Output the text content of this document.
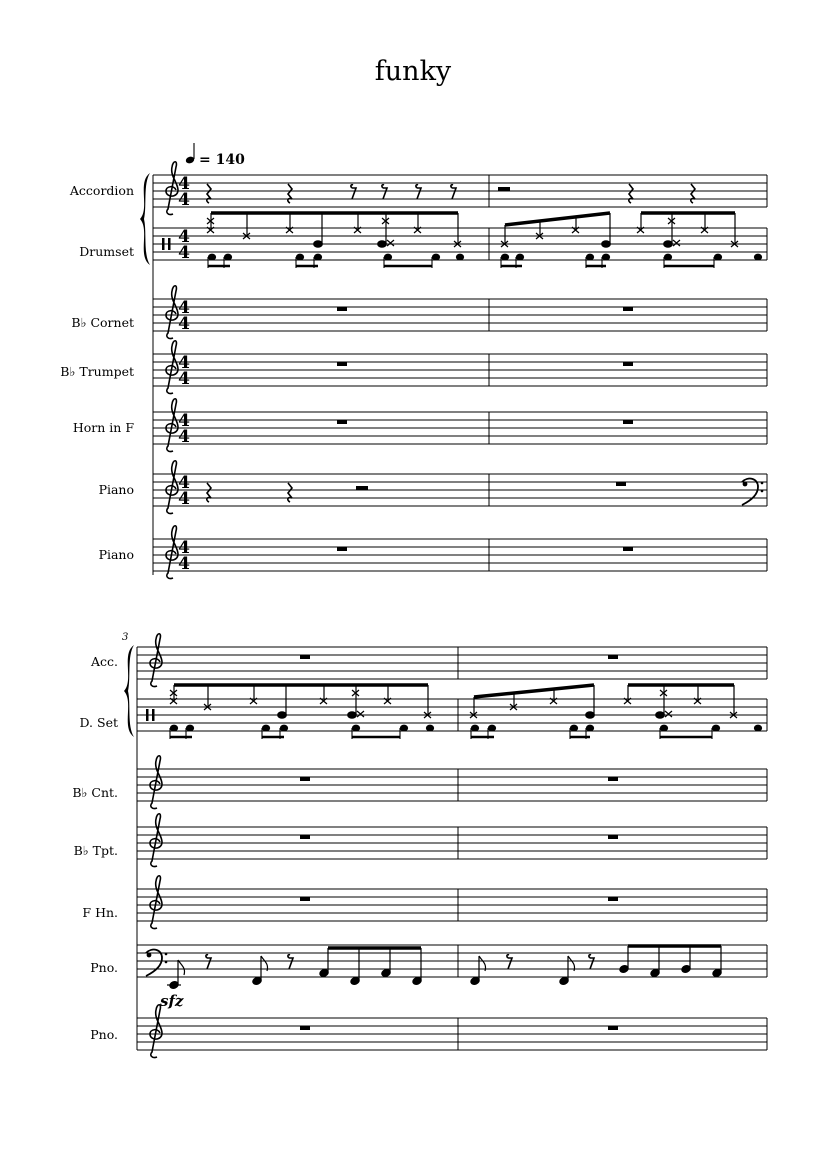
funky
= 140
Accordion
Drumset
B♭ Cornet
B♭ Trumpet
Horn in F
Piano
Piano
4
4
4
4
4
4
4
4
4
4
4
4
4
4
3
Acc.
D. Set
B♭ Cnt.
B♭ Tpt.
F Hn.
Pno.
Pno.
sfz
